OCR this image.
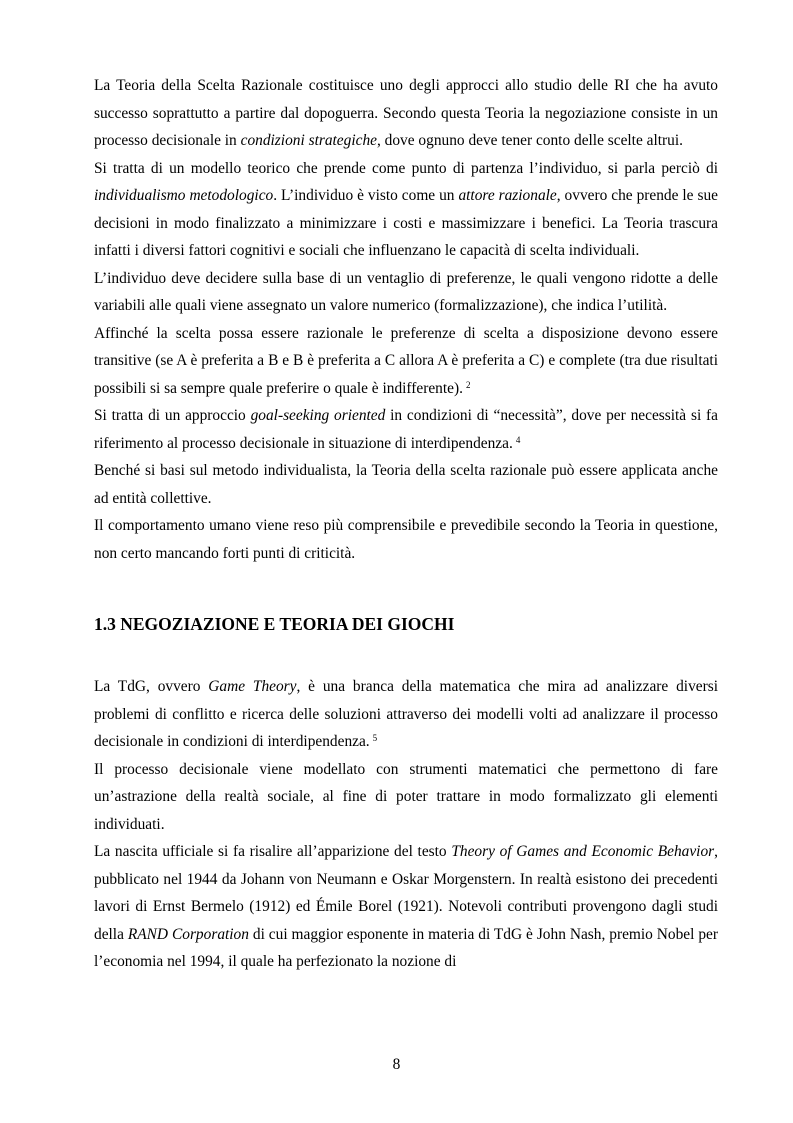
La Teoria della Scelta Razionale costituisce uno degli approcci allo studio delle RI che ha avuto successo soprattutto a partire dal dopoguerra. Secondo questa Teoria la negoziazione consiste in un processo decisionale in condizioni strategiche, dove ognuno deve tener conto delle scelte altrui.

Si tratta di un modello teorico che prende come punto di partenza l’individuo, si parla perciò di individualismo metodologico. L’individuo è visto come un attore razionale, ovvero che prende le sue decisioni in modo finalizzato a minimizzare i costi e massimizzare i benefici. La Teoria trascura infatti i diversi fattori cognitivi e sociali che influenzano le capacità di scelta individuali.

L’individuo deve decidere sulla base di un ventaglio di preferenze, le quali vengono ridotte a delle variabili alle quali viene assegnato un valore numerico (formalizzazione), che indica l’utilità.

Affinché la scelta possa essere razionale le preferenze di scelta a disposizione devono essere transitive (se A è preferita a B e B è preferita a C allora A è preferita a C) e complete (tra due risultati possibili si sa sempre quale preferire o quale è indifferente). $^2$

Si tratta di un approccio goal-seeking oriented in condizioni di “necessità”, dove per necessità si fa riferimento al processo decisionale in situazione di interdipendenza. $^4$

Benché si basi sul metodo individualista, la Teoria della scelta razionale può essere applicata anche ad entità collettive.

Il comportamento umano viene reso più comprensibile e prevedibile secondo la Teoria in questione, non certo mancando forti punti di criticità.

1.3 NEGOZIAZIONE E TEORIA DEI GIOCHI

La TdG, ovvero Game Theory, è una branca della matematica che mira ad analizzare diversi problemi di conflitto e ricerca delle soluzioni attraverso dei modelli volti ad analizzare il processo decisionale in condizioni di interdipendenza. $^5$

Il processo decisionale viene modellato con strumenti matematici che permettono di fare un’astrazione della realtà sociale, al fine di poter trattare in modo formalizzato gli elementi individuati.

La nascita ufficiale si fa risalire all’apparizione del testo Theory of Games and Economic Behavior, pubblicato nel 1944 da Johann von Neumann e Oskar Morgenstern. In realtà esistono dei precedenti lavori di Ernst Bermelo (1912) ed Émile Borel (1921). Notevoli contributi provengono dagli studi della RAND Corporation di cui maggior esponente in materia di TdG è John Nash, premio Nobel per l’economia nel 1994, il quale ha perfezionato la nozione di

8
